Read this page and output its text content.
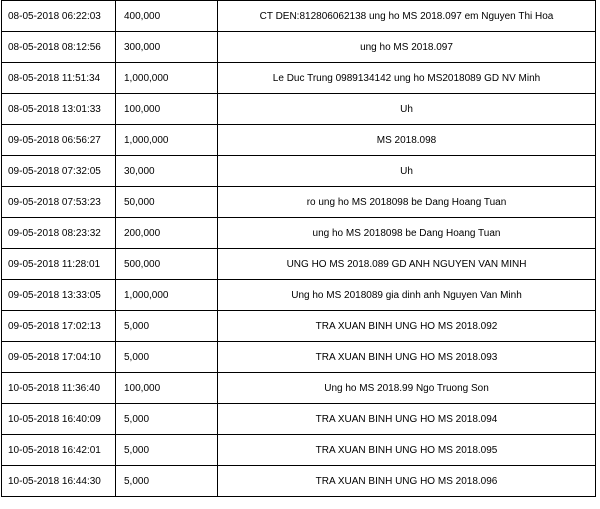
08-05-2018 06:22:03	400,000	CT DEN:812806062138 ung ho MS 2018.097 em Nguyen Thi Hoa
08-05-2018 08:12:56	300,000	ung ho MS 2018.097
08-05-2018 11:51:34	1,000,000	Le Duc Trung 0989134142 ung ho MS2018089 GD NV Minh
08-05-2018 13:01:33	100,000	Uh
09-05-2018 06:56:27	1,000,000	MS 2018.098
09-05-2018 07:32:05	30,000	Uh
09-05-2018 07:53:23	50,000	ro ung ho MS 2018098 be Dang Hoang Tuan
09-05-2018 08:23:32	200,000	ung ho MS 2018098 be Dang Hoang Tuan
09-05-2018 11:28:01	500,000	UNG HO MS 2018.089 GD ANH NGUYEN VAN MINH
09-05-2018 13:33:05	1,000,000	Ung ho MS 2018089 gia dinh anh Nguyen Van Minh
09-05-2018 17:02:13	5,000	TRA XUAN BINH UNG HO MS 2018.092
09-05-2018 17:04:10	5,000	TRA XUAN BINH UNG HO MS 2018.093
10-05-2018 11:36:40	100,000	Ung ho MS 2018.99 Ngo Truong Son
10-05-2018 16:40:09	5,000	TRA XUAN BINH UNG HO MS 2018.094
10-05-2018 16:42:01	5,000	TRA XUAN BINH UNG HO MS 2018.095
10-05-2018 16:44:30	5,000	TRA XUAN BINH UNG HO MS 2018.096
